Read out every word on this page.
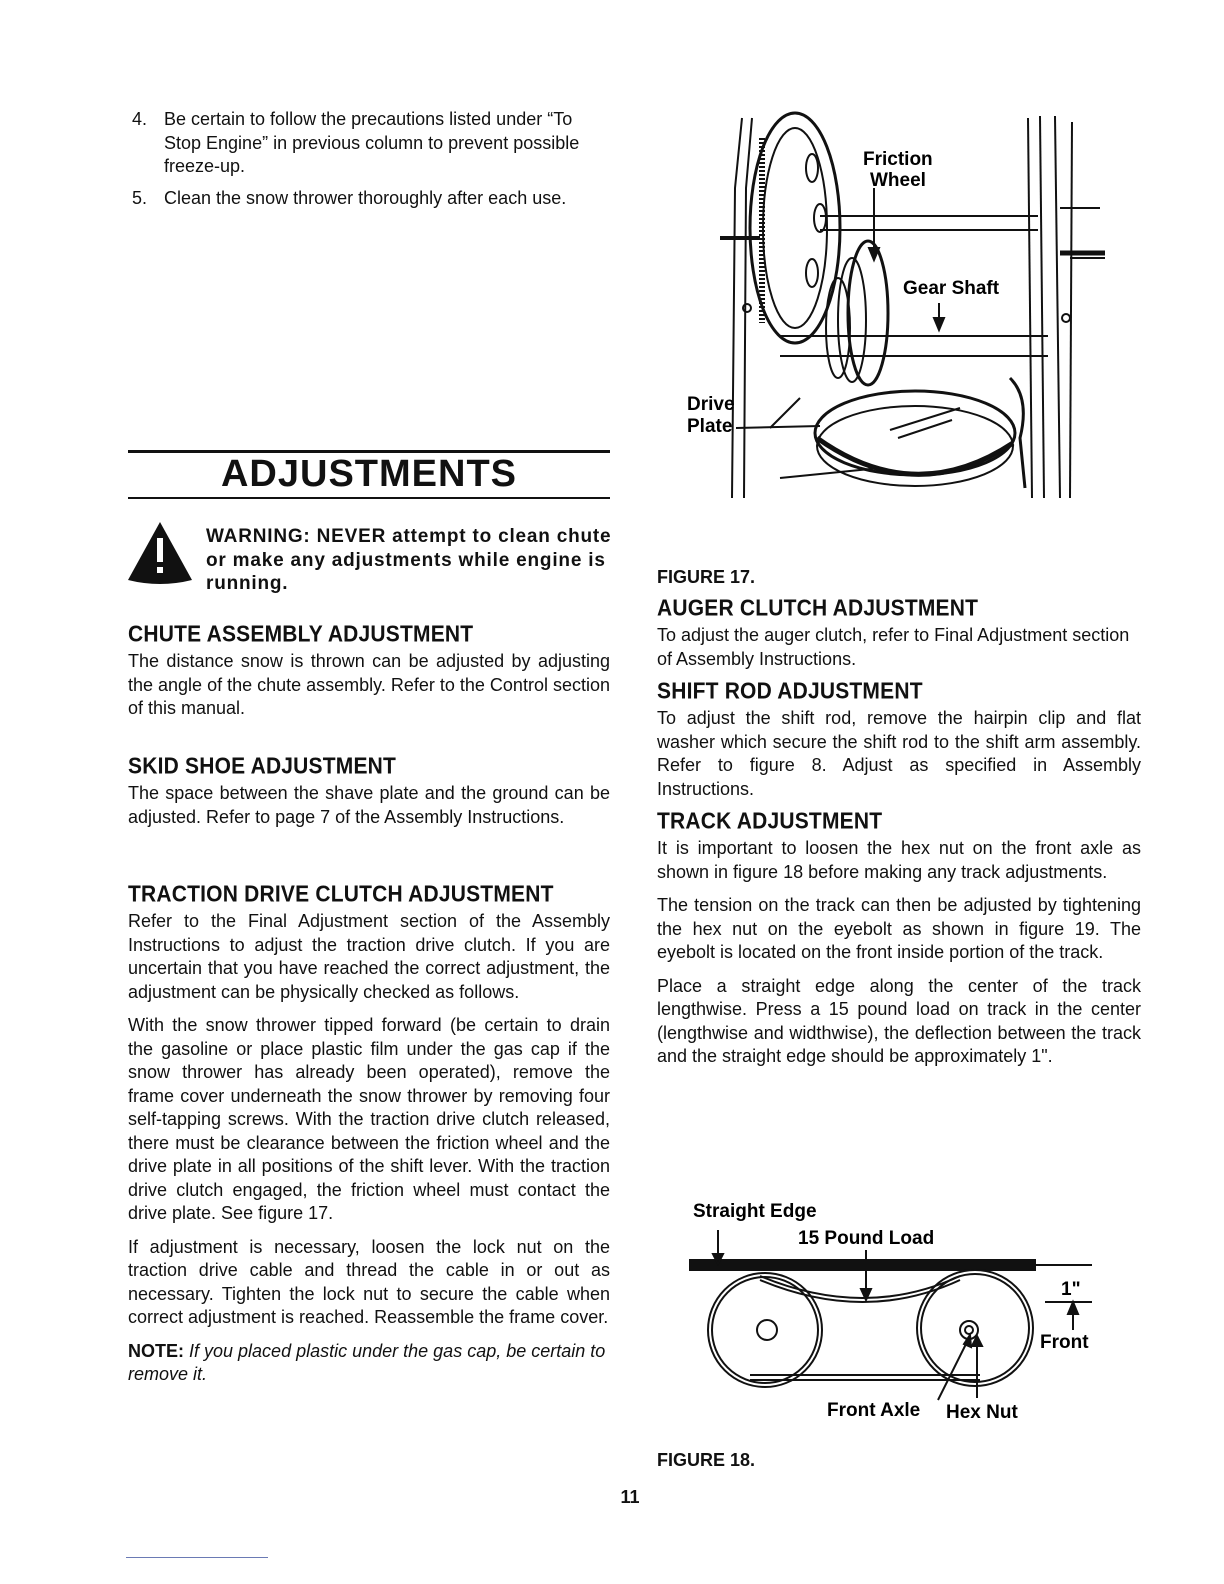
4. Be certain to follow the precautions listed under “To Stop Engine” in previous column to prevent possible freeze-up.
5. Clean the snow thrower thoroughly after each use.
ADJUSTMENTS
WARNING: NEVER attempt to clean chute or make any adjustments while engine is running.

CHUTE ASSEMBLY ADJUSTMENT

The distance snow is thrown can be adjusted by adjusting the angle of the chute assembly. Refer to the Control section of this manual.

SKID SHOE ADJUSTMENT

The space between the shave plate and the ground can be adjusted. Refer to page 7 of the Assembly Instructions.

TRACTION DRIVE CLUTCH ADJUSTMENT

Refer to the Final Adjustment section of the Assembly Instructions to adjust the traction drive clutch. If you are uncertain that you have reached the correct adjustment, the adjustment can be physically checked as follows.

With the snow thrower tipped forward (be certain to drain the gasoline or place plastic film under the gas cap if the snow thrower has already been operated), remove the frame cover underneath the snow thrower by removing four self-tapping screws. With the traction drive clutch released, there must be clearance between the friction wheel and the drive plate in all positions of the shift lever. With the traction drive clutch engaged, the friction wheel must contact the drive plate. See figure 17.

If adjustment is necessary, loosen the lock nut on the traction drive cable and thread the cable in or out as necessary. Tighten the lock nut to secure the cable when correct adjustment is reached. Reassemble the frame cover.

NOTE: If you placed plastic under the gas cap, be certain to remove it.

Friction
Wheel
Gear Shaft
Drive
Plate
FIGURE 17.

AUGER CLUTCH ADJUSTMENT

To adjust the auger clutch, refer to Final Adjustment section of Assembly Instructions.

SHIFT ROD ADJUSTMENT

To adjust the shift rod, remove the hairpin clip and flat washer which secure the shift rod to the shift arm assembly. Refer to figure 8. Adjust as specified in Assembly Instructions.

TRACK ADJUSTMENT

It is important to loosen the hex nut on the front axle as shown in figure 18 before making any track adjustments.

The tension on the track can then be adjusted by tightening the hex nut on the eyebolt as shown in figure 19. The eyebolt is located on the front inside portion of the track.

Place a straight edge along the center of the track lengthwise. Press a 15 pound load on track in the center (lengthwise and widthwise), the deflection between the track and the straight edge should be approximately 1".

Straight Edge
15 Pound Load
1"
Front
Front Axle Hex Nut
FIGURE 18.
11
